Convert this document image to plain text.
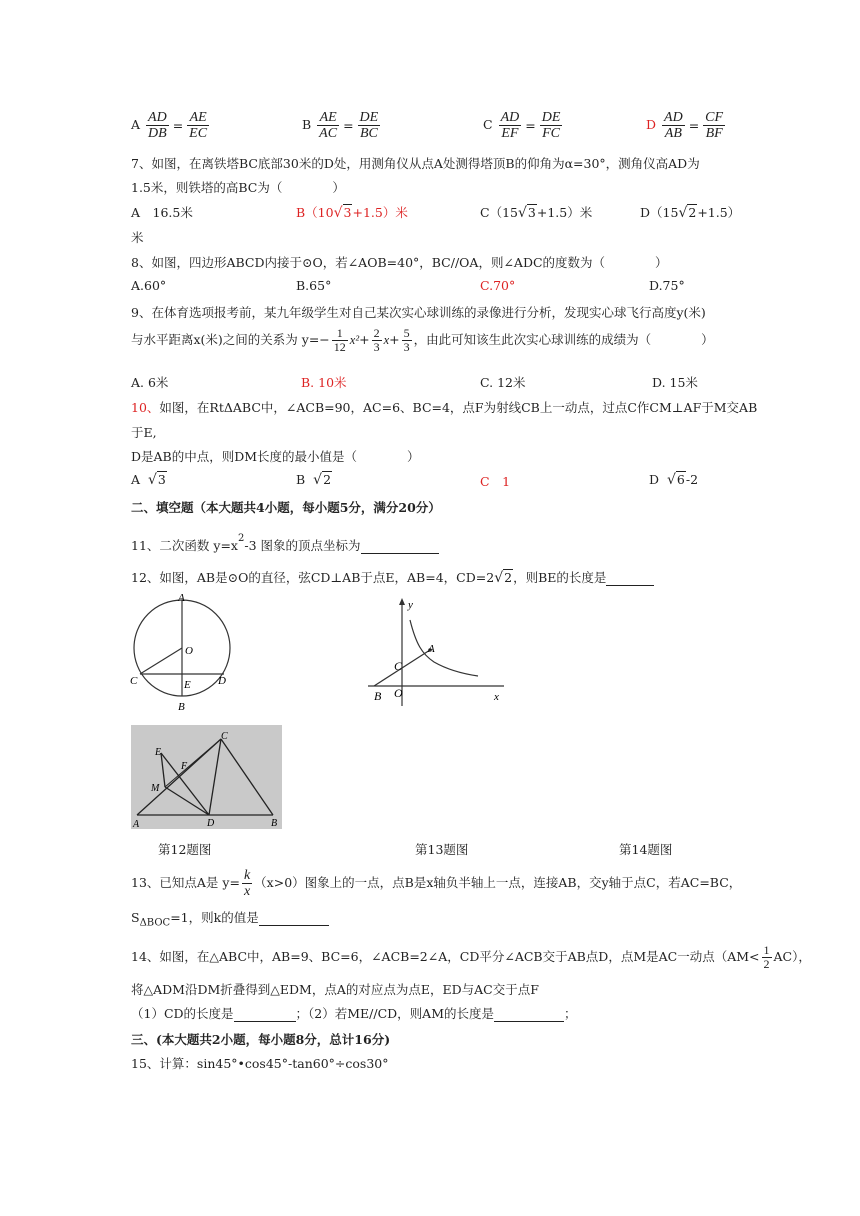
A $\frac{AD}{DB} = \frac{AE}{EC}$	B $\frac{AE}{AC} = \frac{DE}{BC}$	C $\frac{AD}{EF} = \frac{DE}{FC}$	D $\frac{AD}{AB} = \frac{CF}{BF}$
7、如图，在离铁塔BC底部30米的D处，用测角仪从点A处测得塔顶B的仰角为α=30°，测角仪高AD为
1.5米，则铁塔的高BC为（　　　　）
A　16.5米	B（10√3+1.5）米	C（15√3+1.5）米	D（15√2+1.5）
米
8、如图，四边形ABCD内接于⊙O，若∠AOB=40°，BC//OA，则∠ADC的度数为（　　　　）
A.60°	B.65°	C.70°	D.75°
9、在体育选项报考前，某九年级学生对自己某次实心球训练的录像进行分析，发现实心球飞行高度y(米)
与水平距离x(米)之间的关系为 $y=- \frac{1}{12} x^2+ \frac{2}{3} x+ \frac{5}{3}$ ，由此可知该生此次实心球训练的成绩为（　　　　）
A. 6米	B. 10米	C. 12米	D. 15米
10、如图，在RtΔABC中，∠ACB=90，AC=6、BC=4，点F为射线CB上一动点，过点C作CM⊥AF于M交AB
于E,
D是AB的中点，则DM长度的最小值是（　　　　）
A √3	B √2	C　1	D √6-2
二、填空题（本大题共4小题，每小题5分，满分20分）
11、二次函数 $y=x^2-3$ 图象的顶点坐标为
12、如图，AB是⊙O的直径，弦CD⊥AB于点E，AB=4，CD=2√2，则BE的长度是
A
O
C	E D
B
y
A
C
B O	x
E
F
M
C
A	D	B
第12题图	第13题图	第14题图
13、已知点A是 $y= \frac{k}{x} (x>0)$图象上的一点，点B是x轴负半轴上一点，连接AB，交y轴于点C，若AC=BC，
$S_{\Delta BOC}=1$，则k的值是
14、如图，在△ABC中，AB=9、BC=6，∠ACB=2∠A，CD平分∠ACB交于AB点D，点M是AC一动点$(AM< \frac{1}{2} AC)$，
将△ADM沿DM折叠得到△EDM，点A的对应点为点E，ED与AC交于点F
（1）CD的长度是	；（2）若ME//CD，则AM的长度是	；
三、(本大题共2小题，每小题8分，总计16分)
15、计算：sin45°•cos45°-tan60°÷cos30°
